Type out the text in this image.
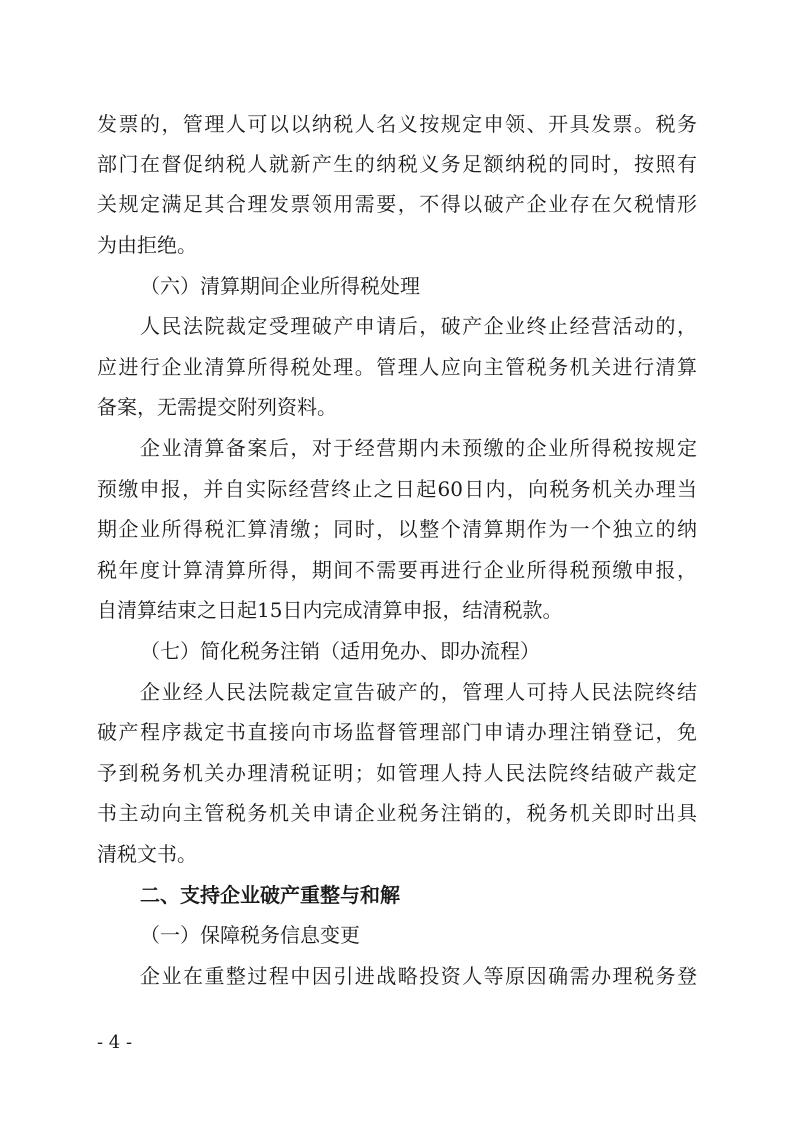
发票的，管理人可以以纳税人名义按规定申领、开具发票。税务
部门在督促纳税人就新产生的纳税义务足额纳税的同时，按照有
关规定满足其合理发票领用需要，不得以破产企业存在欠税情形
为由拒绝。
（六）清算期间企业所得税处理
人民法院裁定受理破产申请后，破产企业终止经营活动的，
应进行企业清算所得税处理。管理人应向主管税务机关进行清算
备案，无需提交附列资料。
企业清算备案后，对于经营期内未预缴的企业所得税按规定
预缴申报，并自实际经营终止之日起60日内，向税务机关办理当
期企业所得税汇算清缴；同时，以整个清算期作为一个独立的纳
税年度计算清算所得，期间不需要再进行企业所得税预缴申报，
自清算结束之日起15日内完成清算申报，结清税款。
（七）简化税务注销（适用免办、即办流程）
企业经人民法院裁定宣告破产的，管理人可持人民法院终结
破产程序裁定书直接向市场监督管理部门申请办理注销登记，免
予到税务机关办理清税证明；如管理人持人民法院终结破产裁定
书主动向主管税务机关申请企业税务注销的，税务机关即时出具
清税文书。
二、支持企业破产重整与和解
（一）保障税务信息变更
企业在重整过程中因引进战略投资人等原因确需办理税务登
- 4 -
